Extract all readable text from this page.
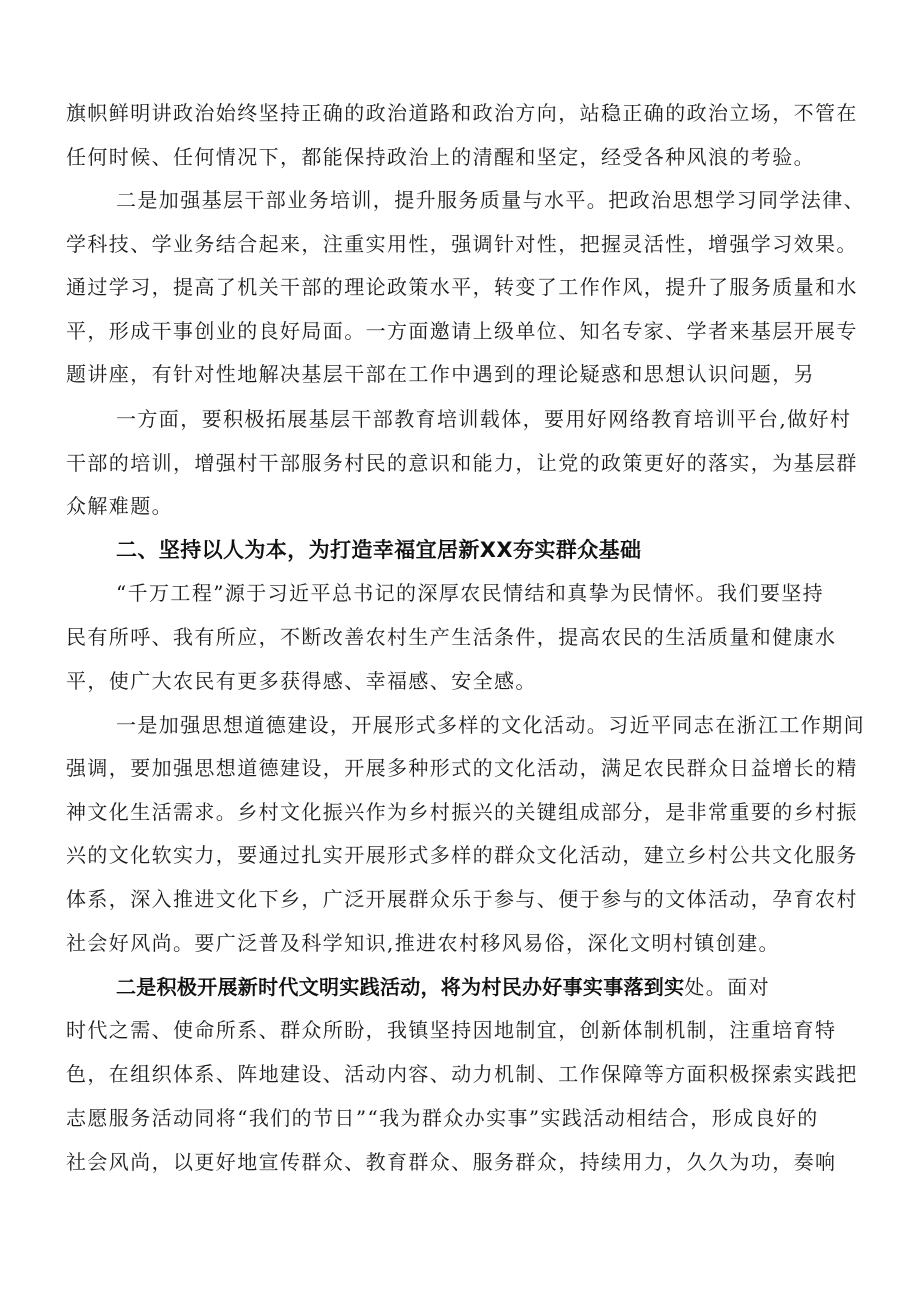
旗帜鲜明讲政治始终坚持正确的政治道路和政治方向，站稳正确的政治立场，不管在
任何时候、任何情况下，都能保持政治上的清醒和坚定，经受各种风浪的考验。
二是加强基层干部业务培训，提升服务质量与水平。把政治思想学习同学法律、
学科技、学业务结合起来，注重实用性，强调针对性，把握灵活性，增强学习效果。
通过学习，提高了机关干部的理论政策水平，转变了工作作风，提升了服务质量和水
平，形成干事创业的良好局面。一方面邀请上级单位、知名专家、学者来基层开展专
题讲座，有针对性地解决基层干部在工作中遇到的理论疑惑和思想认识问题，另
一方面，要积极拓展基层干部教育培训载体，要用好网络教育培训平台,做好村
干部的培训，增强村干部服务村民的意识和能力，让党的政策更好的落实，为基层群
众解难题。
二、坚持以人为本，为打造幸福宜居新XX夯实群众基础
“千万工程”源于习近平总书记的深厚农民情结和真挚为民情怀。我们要坚持
民有所呼、我有所应，不断改善农村生产生活条件，提高农民的生活质量和健康水
平，使广大农民有更多获得感、幸福感、安全感。
一是加强思想道德建设，开展形式多样的文化活动。习近平同志在浙江工作期间
强调，要加强思想道德建设，开展多种形式的文化活动，满足农民群众日益增长的精
神文化生活需求。乡村文化振兴作为乡村振兴的关键组成部分，是非常重要的乡村振
兴的文化软实力，要通过扎实开展形式多样的群众文化活动，建立乡村公共文化服务
体系，深入推进文化下乡，广泛开展群众乐于参与、便于参与的文体活动，孕育农村
社会好风尚。要广泛普及科学知识,推进农村移风易俗，深化文明村镇创建。
二是积极开展新时代文明实践活动，将为村民办好事实事落到实处。面对
时代之需、使命所系、群众所盼，我镇坚持因地制宜，创新体制机制，注重培育特
色，在组织体系、阵地建设、活动内容、动力机制、工作保障等方面积极探索实践把
志愿服务活动同将“我们的节日”“我为群众办实事”实践活动相结合，形成良好的
社会风尚，以更好地宣传群众、教育群众、服务群众，持续用力，久久为功，奏响
